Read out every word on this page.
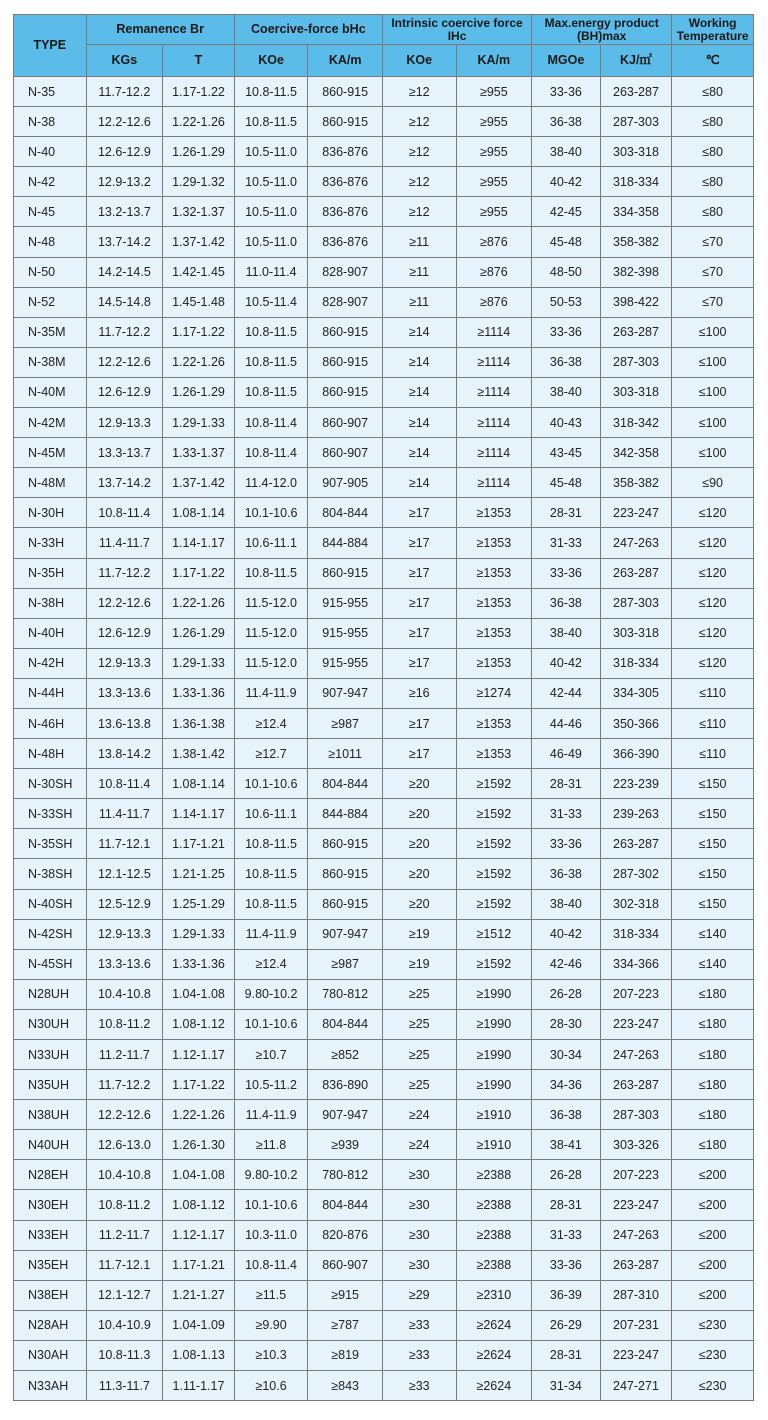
TYPE	Remanence Br		Coercive-force bHc		Intrinsic coercive force IHc		Max.energy product (BH)max		Working Temperature
	KGs	T	KOe	KA/m	KOe	KA/m	MGOe	KJ/㎡	℃
N-35	11.7-12.2	1.17-1.22	10.8-11.5	860-915	≥12	≥955	33-36	263-287	≤80
N-38	12.2-12.6	1.22-1.26	10.8-11.5	860-915	≥12	≥955	36-38	287-303	≤80
N-40	12.6-12.9	1.26-1.29	10.5-11.0	836-876	≥12	≥955	38-40	303-318	≤80
N-42	12.9-13.2	1.29-1.32	10.5-11.0	836-876	≥12	≥955	40-42	318-334	≤80
N-45	13.2-13.7	1.32-1.37	10.5-11.0	836-876	≥12	≥955	42-45	334-358	≤80
N-48	13.7-14.2	1.37-1.42	10.5-11.0	836-876	≥11	≥876	45-48	358-382	≤70
N-50	14.2-14.5	1.42-1.45	11.0-11.4	828-907	≥11	≥876	48-50	382-398	≤70
N-52	14.5-14.8	1.45-1.48	10.5-11.4	828-907	≥11	≥876	50-53	398-422	≤70
N-35M	11.7-12.2	1.17-1.22	10.8-11.5	860-915	≥14	≥1114	33-36	263-287	≤100
N-38M	12.2-12.6	1.22-1.26	10.8-11.5	860-915	≥14	≥1114	36-38	287-303	≤100
N-40M	12.6-12.9	1.26-1.29	10.8-11.5	860-915	≥14	≥1114	38-40	303-318	≤100
N-42M	12.9-13.3	1.29-1.33	10.8-11.4	860-907	≥14	≥1114	40-43	318-342	≤100
N-45M	13.3-13.7	1.33-1.37	10.8-11.4	860-907	≥14	≥1114	43-45	342-358	≤100
N-48M	13.7-14.2	1.37-1.42	11.4-12.0	907-905	≥14	≥1114	45-48	358-382	≤90
N-30H	10.8-11.4	1.08-1.14	10.1-10.6	804-844	≥17	≥1353	28-31	223-247	≤120
N-33H	11.4-11.7	1.14-1.17	10.6-11.1	844-884	≥17	≥1353	31-33	247-263	≤120
N-35H	11.7-12.2	1.17-1.22	10.8-11.5	860-915	≥17	≥1353	33-36	263-287	≤120
N-38H	12.2-12.6	1.22-1.26	11.5-12.0	915-955	≥17	≥1353	36-38	287-303	≤120
N-40H	12.6-12.9	1.26-1.29	11.5-12.0	915-955	≥17	≥1353	38-40	303-318	≤120
N-42H	12.9-13.3	1.29-1.33	11.5-12.0	915-955	≥17	≥1353	40-42	318-334	≤120
N-44H	13.3-13.6	1.33-1.36	11.4-11.9	907-947	≥16	≥1274	42-44	334-305	≤110
N-46H	13.6-13.8	1.36-1.38	≥12.4	≥987	≥17	≥1353	44-46	350-366	≤110
N-48H	13.8-14.2	1.38-1.42	≥12.7	≥1011	≥17	≥1353	46-49	366-390	≤110
N-30SH	10.8-11.4	1.08-1.14	10.1-10.6	804-844	≥20	≥1592	28-31	223-239	≤150
N-33SH	11.4-11.7	1.14-1.17	10.6-11.1	844-884	≥20	≥1592	31-33	239-263	≤150
N-35SH	11.7-12.1	1.17-1.21	10.8-11.5	860-915	≥20	≥1592	33-36	263-287	≤150
N-38SH	12.1-12.5	1.21-1.25	10.8-11.5	860-915	≥20	≥1592	36-38	287-302	≤150
N-40SH	12.5-12.9	1.25-1.29	10.8-11.5	860-915	≥20	≥1592	38-40	302-318	≤150
N-42SH	12.9-13.3	1.29-1.33	11.4-11.9	907-947	≥19	≥1512	40-42	318-334	≤140
N-45SH	13.3-13.6	1.33-1.36	≥12.4	≥987	≥19	≥1592	42-46	334-366	≤140
N28UH	10.4-10.8	1.04-1.08	9.80-10.2	780-812	≥25	≥1990	26-28	207-223	≤180
N30UH	10.8-11.2	1.08-1.12	10.1-10.6	804-844	≥25	≥1990	28-30	223-247	≤180
N33UH	11.2-11.7	1.12-1.17	≥10.7	≥852	≥25	≥1990	30-34	247-263	≤180
N35UH	11.7-12.2	1.17-1.22	10.5-11.2	836-890	≥25	≥1990	34-36	263-287	≤180
N38UH	12.2-12.6	1.22-1.26	11.4-11.9	907-947	≥24	≥1910	36-38	287-303	≤180
N40UH	12.6-13.0	1.26-1.30	≥11.8	≥939	≥24	≥1910	38-41	303-326	≤180
N28EH	10.4-10.8	1.04-1.08	9.80-10.2	780-812	≥30	≥2388	26-28	207-223	≤200
N30EH	10.8-11.2	1.08-1.12	10.1-10.6	804-844	≥30	≥2388	28-31	223-247	≤200
N33EH	11.2-11.7	1.12-1.17	10.3-11.0	820-876	≥30	≥2388	31-33	247-263	≤200
N35EH	11.7-12.1	1.17-1.21	10.8-11.4	860-907	≥30	≥2388	33-36	263-287	≤200
N38EH	12.1-12.7	1.21-1.27	≥11.5	≥915	≥29	≥2310	36-39	287-310	≤200
N28AH	10.4-10.9	1.04-1.09	≥9.90	≥787	≥33	≥2624	26-29	207-231	≤230
N30AH	10.8-11.3	1.08-1.13	≥10.3	≥819	≥33	≥2624	28-31	223-247	≤230
N33AH	11.3-11.7	1.11-1.17	≥10.6	≥843	≥33	≥2624	31-34	247-271	≤230
